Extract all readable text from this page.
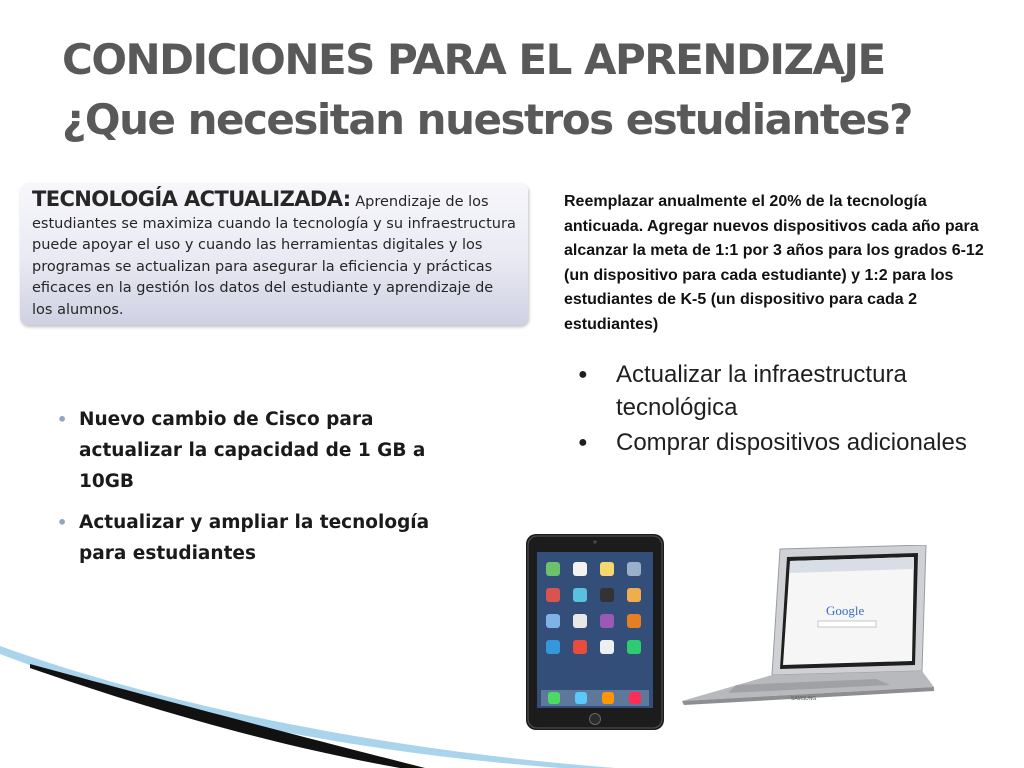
CONDICIONES PARA EL APRENDIZAJE
¿Que necesitan nuestros estudiantes?
TECNOLOGÍA ACTUALIZADA: Aprendizaje de los estudiantes se maximiza cuando la tecnología y su infraestructura puede apoyar el uso y cuando las herramientas digitales y los programas se actualizan para asegurar la eficiencia y prácticas eficaces en la gestión los datos del estudiante y aprendizaje de los alumnos.
• Nuevo cambio de Cisco para actualizar la capacidad de 1 GB a 10GB
• Actualizar y ampliar la tecnología para estudiantes

Reemplazar anualmente el 20% de la tecnología anticuada. Agregar nuevos dispositivos cada año para alcanzar la meta de 1:1 por 3 años para los grados 6-12 (un dispositivo para cada estudiante) y 1:2 para los estudiantes de K-5 (un dispositivo para cada 2 estudiantes)

● Actualizar la infraestructura tecnológica
● Comprar dispositivos adicionales
Google
SAMSUNG
